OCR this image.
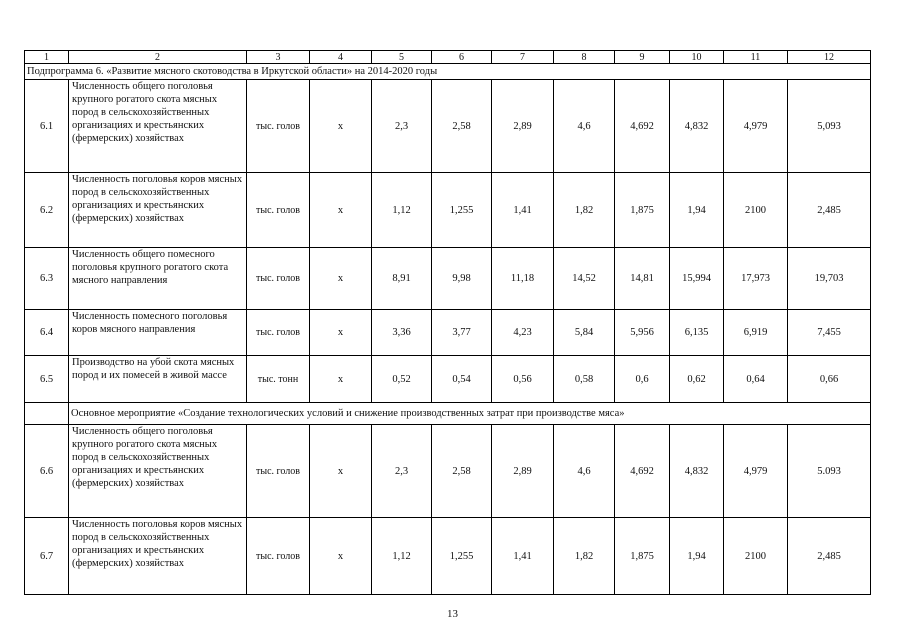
1	2	3	4	5	6	7	8	9	10	11	12
Подпрограмма 6. «Развитие мясного скотоводства в Иркутской области» на 2014-2020 годы											
6.1	Численность общего поголовья крупного рогатого скота мясных пород в сельскохозяйственных организациях и крестьянских (фермерских) хозяйствах	тыс. голов	х	2,3	2,58	2,89	4,6	4,692	4,832	4,979	5,093
6.2	Численность поголовья коров мясных пород в сельскохозяйственных организациях и крестьянских (фермерских) хозяйствах	тыс. голов	х	1,12	1,255	1,41	1,82	1,875	1,94	2100	2,485
6.3	Численность общего помесного поголовья крупного рогатого скота мясного направления	тыс. голов	х	8,91	9,98	11,18	14,52	14,81	15,994	17,973	19,703
6.4	Численность помесного поголовья коров мясного направления	тыс. голов	х	3,36	3,77	4,23	5,84	5,956	6,135	6,919	7,455
6.5	Производство на убой скота мясных пород и их помесей в живой массе	тыс. тонн	х	0,52	0,54	0,56	0,58	0,6	0,62	0,64	0,66
	Основное мероприятие «Создание технологических условий и снижение производственных затрат при производстве мяса»										
6.6	Численность общего поголовья крупного рогатого скота мясных пород в сельскохозяйственных организациях и крестьянских (фермерских) хозяйствах	тыс. голов	х	2,3	2,58	2,89	4,6	4,692	4,832	4,979	5.093
6.7	Численность поголовья коров мясных пород в сельскохозяйственных организациях и крестьянских (фермерских) хозяйствах	тыс. голов	х	1,12	1,255	1,41	1,82	1,875	1,94	2100	2,485
13
